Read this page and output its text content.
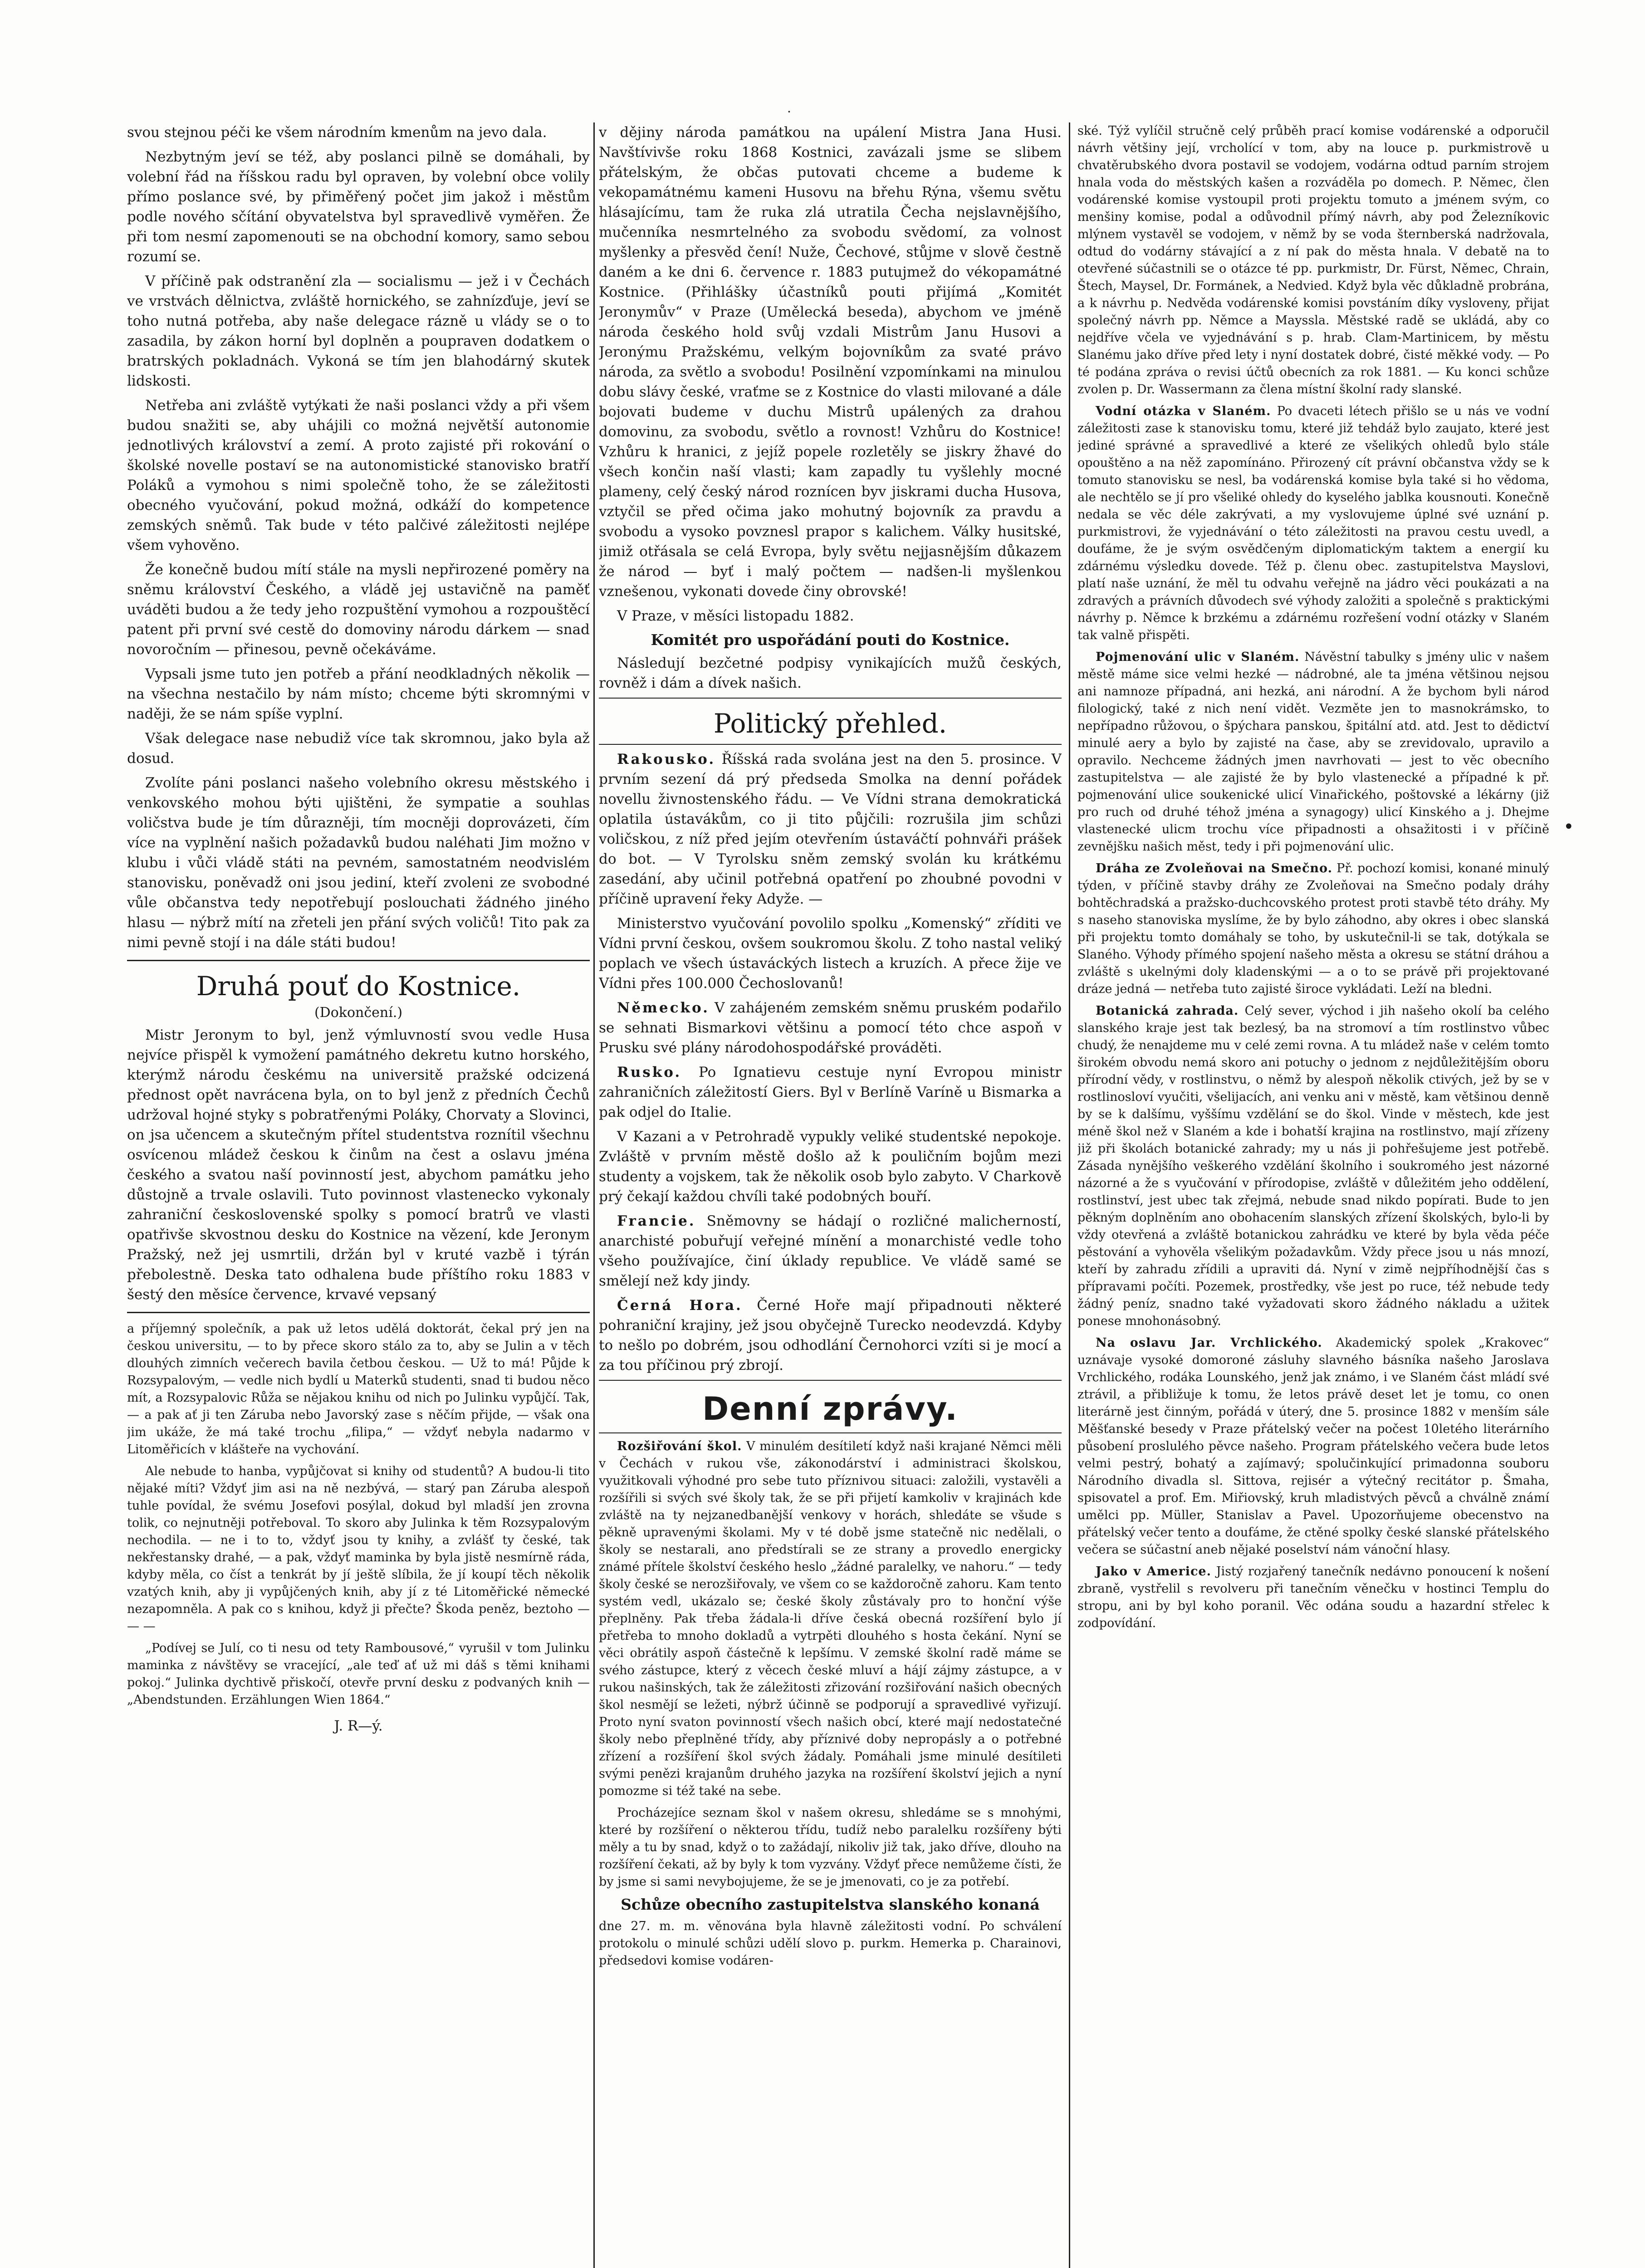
·
•

svou stejnou péči ke všem národním kmenům na jevo dala.

Nezbytným jeví se též, aby poslanci pilně se domáhali, by volební řád na říšskou radu byl opraven, by volební obce volily přímo poslance své, by přiměřený počet jim jakož i městům podle nového sčítání obyvatelstva byl spravedlivě vyměřen. Že při tom nesmí zapomenouti se na obchodní komory, samo sebou rozumí se.

V příčině pak odstranění zla — socialismu — jež i v Čechách ve vrstvách dělnictva, zvláště hornického, se zahnízďuje, jeví se toho nutná potřeba, aby naše delegace rázně u vlády se o to zasadila, by zákon horní byl doplněn a poupraven dodatkem o bratrských pokladnách. Vykoná se tím jen blahodárný skutek lidskosti.

Netřeba ani zvláště vytýkati že naši poslanci vždy a při všem budou snažiti se, aby uhájili co možná největší autonomie jednotlivých království a zemí. A proto zajisté při rokování o školské novelle postaví se na autonomistické stanovisko bratří Poláků a vymohou s nimi společně toho, že se záležitosti obecného vyučování, pokud možná, odkáží do kompetence zemských sněmů. Tak bude v této palčivé záležitosti nejlépe všem vyhověno.

Že konečně budou mítí stále na mysli nepřirozené poměry na sněmu království Českého, a vládě jej ustavičně na paměť uváděti budou a že tedy jeho rozpuštění vymohou a rozpouštěcí patent při první své cestě do domoviny národu dárkem — snad novoročním — přinesou, pevně očekáváme.

Vypsali jsme tuto jen potřeb a přání neodkladných několik — na všechna nestačilo by nám místo; chceme býti skromnými v naději, že se nám spíše vyplní.

Však delegace nase nebudiž více tak skromnou, jako byla až dosud.

Zvolíte páni poslanci našeho volebního okresu městského i venkovského mohou býti ujištěni, že sympatie a souhlas voličstva bude je tím důrazněji, tím mocněji doprovázeti, čím více na vyplnění našich požadavků budou naléhati Jim možno v klubu i vůči vládě státi na pevném, samostatném neodvislém stanovisku, poněvadž oni jsou jediní, kteří zvoleni ze svobodné vůle občanstva tedy nepotřebují poslouchati žádného jiného hlasu — nýbrž mítí na zřeteli jen přání svých voličů! Tito pak za nimi pevně stojí i na dále státi budou!

Druhá pouť do Kostnice.
(Dokončení.)

Mistr Jeronym to byl, jenž výmluvností svou vedle Husa nejvíce přispěl k vymožení památného dekretu kutno horského, kterýmž národu českému na universitě pražské odcizená přednost opět navrácena byla, on to byl jenž z předních Čechů udržoval hojné styky s pobratřenými Poláky, Chorvaty a Slovinci, on jsa učencem a skutečným přítel studentstva roznítil všechnu osvícenou mládež českou k činům na čest a oslavu jména českého a svatou naší povinností jest, abychom památku jeho důstojně a trvale oslavili. Tuto povinnost vlastenecko vykonaly zahraniční československé spolky s pomocí bratrů ve vlasti opatřivše skvostnou desku do Kostnice na vězení, kde Jeronym Pražský, než jej usmrtili, držán byl v kruté vazbě i týrán přebolestně. Deska tato odhalena bude příštího roku 1883 v šestý den měsíce července, krvavé vepsaný

a příjemný společník, a pak už letos udělá doktorát, čekal prý jen na českou universitu, — to by přece skoro stálo za to, aby se Julin a v těch dlouhých zimních večerech bavila četbou českou. — Už to má! Půjde k Rozsypalovým, — vedle nich bydlí u Materků studenti, snad ti budou něco mít, a Rozsypalovic Růža se nějakou knihu od nich po Julinku vypůjčí. Tak, — a pak ať ji ten Zárubа nebo Javorský zase s něčím přijde, — však ona jim ukáže, že má také trochu „filipa,“ — vždyť nebyla nadarmo v Litoměřicích v klášteře na vychování.

Ale nebude to hanba, vypůjčovat si knihy od studentů? A budou-li tito nějaké míti? Vždyť jim asi na ně nezbývá, — starý pan Záruba alespoň tuhle povídal, že svému Josefovi posýlal, dokud byl mladší jen zrovna tolik, co nejnutněji potřeboval. To skoro aby Julinka k těm Rozsypalovým nechodila. — ne i to to, vždyť jsou ty knihy, a zvlášť ty české, tak nekřestansky drahé, — a pak, vždyť maminka by byla jistě nesmírně ráda, kdyby měla, co číst a tenkrát by jí ještě slíbila, že jí koupí těch několik vzatých knih, aby ji vypůjčených knih, aby jí z té Litoměřické německé nezapomněla. A pak co s knihou, když ji přečte? Škoda peněz, beztoho — — —

„Podívej se Julí, co ti nesu od tety Rambousové,“ vyrušil v tom Julinku maminka z návštěvy se vracející, „ale teď ať už mi dáš s těmi knihami pokoj.“ Julinka dychtivě přiskočí, otevře první desku z podvaných knih — „Abendstunden. Erzählungen Wien 1864.“

J. R—ý.

v dějiny národa památkou na upálení Mistra Jana Husi. Navštívivše roku 1868 Kostnici, zavázali jsme se slibem přátelským, že občas putovati chceme a budeme k vekopamátnému kameni Husovu na břehu Rýna, všemu světu hlásajícímu, tam že ruka zlá utratila Čecha nejslavnějšího, mučenníka nesmrtelného za svobodu svědomí, za volnost myšlenky a přesvěd čení! Nuže, Čechové, stůjme v slově čestně daném a ke dni 6. července r. 1883 putujmež do vékopamátné Kostnice. (Přihlášky účastníků pouti přijímá „Komitét Jeronymův“ v Praze (Umělecká beseda), abychom ve jméně národa českého hold svůj vzdali Mistrům Janu Husovi a Jeronýmu Pražskému, velkým bojovníkům za svaté právo národa, za světlo a svobodu! Posilnění vzpomínkami na minulou dobu slávy české, vraťme se z Kostnice do vlasti milované a dále bojovati budeme v duchu Mistrů upálených za drahou domovinu, za svobodu, světlo a rovnost! Vzhůru do Kostnice! Vzhůru k hranici, z jejíž popele rozletěly se jiskry žhavé do všech končin naší vlasti; kam zapadly tu vyšlehly mocné plameny, celý český národ roznícen byv jiskrami ducha Husova, vztyčil se před očima jako mohutný bojovník za pravdu a svobodu a vysoko povznesl prapor s kalichem. Války husitské, jimiž otřásala se celá Evropa, byly světu nejjasnějším důkazem že národ — byť i malý počtem — nadšen-li myšlenkou vznešenou, vykonati dovede činy obrovské!

V Praze, v měsíci listopadu 1882.

Komitét pro uspořádání pouti do Kostnice.

Následují bezčetné podpisy vynikajících mužů českých, rovněž i dám a dívek našich.

Politický přehled.

Rakousko. Říšská rada svolána jest na den 5. prosince. V prvním sezení dá prý předseda Smolka na denní pořádek novellu živnostenského řádu. — Ve Vídni strana demokratická oplatila ústavákům, co ji tito půjčili: rozrušila jim schůzi voličskou, z níž před jejím otevřením ústaváčtí pohnváři prášek do bot. — V Tyrolsku sněm zemský svolán ku krátkému zasedání, aby učinil potřebná opatření po zhoubné povodni v příčině upravení řeky Adyže. —

Ministerstvo vyučování povolilo spolku „Komenský“ zříditi ve Vídni první českou, ovšem soukromou školu. Z toho nastal veliký poplach ve všech ústaváckých listech a kruzích. A přece žije ve Vídni přes 100.000 Čechoslovanů!

Německo. V zahájeném zemském sněmu pruském podařilo se sehnati Bismarkovi většinu a pomocí této chce aspoň v Prusku své plány národohospodářské prováděti.

Rusko. Po Ignatievu cestuje nyní Evropou ministr zahraničních záležitostí Giers. Byl v Berlíně Varíně u Bismarka a pak odjel do Italie.

V Kazani a v Petrohradě vypukly veliké studentské nepokoje. Zvláště v prvním městě došlo až k pouličním bojům mezi studenty a vojskem, tak že několik osob bylo zabyto. V Charkově prý čekají každou chvíli také podobných bouří.

Francie. Sněmovny se hádají o rozličné malicherností, anarchisté pobuřují veřejné mínění a monarchisté vedle toho všeho používajíce, činí úklady republice. Ve vládě samé se smělejí než kdy jindy.

Černá Hora. Černé Hoře mají připadnouti některé pohraniční krajiny, jež jsou obyčejně Turecko neodevzdá. Kdyby to nešlo po dobrém, jsou odhodlání Černohorci vzíti si je mocí a za tou příčinou prý zbrojí.

Denní zprávy.

Rozšiřování škol. V minulém desítiletí když naši krajané Němci měli v Čechách v rukou vše, zákonodárství i administraci školskou, využitkovali výhodné pro sebe tuto příznivou situaci: založili, vystavěli a rozšířili si svých své školy tak, že se při přijetí kamkoliv v krajinách kde zvláště na ty nejzanedbanější venkovy v horách, shledáte se všude s pěkně upravenými školami. My v té době jsme statečně nic nedělali, o školy se nestarali, ano předstírali se ze strany a provedlo energicky známé přítele školství českého heslo „žádné paralelky, ve nahoru.“ — tedy školy české se nerozšiřovaly, ve všem co se každoročně zahoru. Kam tento systém vedl, ukázalo se; české školy zůstávaly pro to honční výše přeplněny. Pak třeba žádala-li dříve česká obecná rozšíření bylo jí přetřeba to mnoho dokladů a vytrpěti dlouhého s hosta čekání. Nyní se věci obrátily aspoň částečně k lepšímu. V zemské školní radě máme se svého zástupce, který z věcech české mluví a hájí zájmy zástupce, a v rukou našinských, tak že záležitosti zřizování rozšiřování našich obecných škol nesmějí se ležeti, nýbrž účinně se podporují a spravedlivé vyřizují. Proto nyní svaton povinností všech našich obcí, které mají nedostatečné školy nebo přeplněné třídy, aby příznivé doby nepropásly a o potřebné zřízení a rozšíření škol svých žádaly. Pomáhali jsme minulé desítileti svými penězi krajanům druhého jazyka na rozšíření školství jejich a nyní pomozme si též také na sebe.

Procházejíce seznam škol v našem okresu, shledáme se s mnohými, které by rozšíření o některou třídu, tudíž nebo paralelku rozšířeny býti měly a tu by snad, když o to zažádají, nikoliv již tak, jako dříve, dlouho na rozšíření čekati, až by byly k tom vyzvány. Vždyť přece nemůžeme čísti, že by jsme si sami nevybojujeme, že se je jmenovati, co je za potřebí.

Schůze obecního zastupitelstva slanského konaná

dne 27. m. m. věnována byla hlavně záležitosti vodní. Po schválení protokolu o minulé schůzi udělí slovo p. purkm. Hemerka p. Charainovi, předsedovi komise vodáren-

ské. Týž vylíčil stručně celý průběh prací komise vodárenské a odporučil návrh většiny její, vrcholící v tom, aby na louce p. purkmistrově u chvatěrubského dvora postavil se vodojem, vodárna odtud parním strojem hnala voda do městských kašen a rozváděla po domech. P. Němec, člen vodárenské komise vystoupil proti projektu tomuto a jménem svým, co menšiny komise, podal a odůvodnil přímý návrh, aby pod Železníkovic mlýnem vystavěl se vodojem, v němž by se voda šternberská nadržovala, odtud do vodárny stávající a z ní pak do města hnala. V debatě na to otevřené súčastnili se o otázce té pp. purkmistr, Dr. Fürst, Němec, Chrain, Štech, Maysel, Dr. Formánek, a Nedvied. Když byla věc důkladně probrána, a k návrhu p. Nedvěda vodárenské komisi povstáním díky vysloveny, přijat společný návrh pp. Němce a Mayssla. Městské radě se ukládá, aby co nejdříve včela ve vyjednávání s p. hrab. Clam-Martinicem, by městu Slanému jako dříve před lety i nyní dostatek dobré, čisté měkké vody. — Po té podána zpráva o revisi účtů obecních za rok 1881. — Ku konci schůze zvolen p. Dr. Wassermann za člena místní školní rady slanské.

Vodní otázka v Slaném. Po dvaceti létech přišlo se u nás ve vodní záležitosti zase k stanovisku tomu, které již tehdáž bylo zaujato, které jest jediné správné a spravedlivé a které ze všelikých ohledů bylo stále opouštěno a na něž zapomínáno. Přirozený cít právní občanstva vždy se k tomuto stanovisku se nesl, ba vodárenská komise byla také si ho vědoma, ale nechtělo se jí pro všeliké ohledy do kyselého jablka kousnouti. Konečně nedala se věc déle zakrývati, a my vyslovujeme úplné své uznání p. purkmistrovi, že vyjednávání o této záležitosti na pravou cestu uvedl, a doufáme, že je svým osvědčeným diplomatickým taktem a energií ku zdárnému výsledku dovede. Též p. členu obec. zastupitelstva Mayslovi, platí naše uznání, že měl tu odvahu veřejně na jádro věci poukázati a na zdravých a právních důvodech své výhody založiti a společně s praktickými návrhy p. Němce k brzkému a zdárnému rozřešení vodní otázky v Slaném tak valně přispěti.

Pojmenování ulic v Slaném. Návěstní tabulky s jmény ulic v našem městě máme sice velmi hezké — nádrobné, ale ta jména většinou nejsou ani namnoze případná, ani hezká, ani národní. A že bychom byli národ filologický, také z nich není vidět. Vezměte jen to masnokrámsko, to nepřípadno růžovou, o špýchara panskou, špitální atd. atd. Jest to dědictví minulé aery a bylo by zajisté na čase, aby se zrevidovalo, upravilo a opravilo. Nechceme žádných jmen navrhovati — jest to věc obecního zastupitelstva — ale zajisté že by bylo vlastenecké a případné k př. pojmenování ulice soukenické ulicí Vinařického, poštovské a lékárny (již pro ruch od druhé téhož jména a synagogy) ulicí Kinského a j. Dhejme vlastenecké ulicm trochu více připadnosti a ohsažitosti i v příčině zevnějšku našich měst, tedy i při pojmenování ulic.

Dráha ze Zvoleňovai na Smečno. Př. pochozí komisi, konané minulý týden, v příčině stavby dráhy ze Zvoleňovai na Smečno podaly dráhy bohtěchradská a pražsko-duchcovského protest proti stavbě této dráhy. My s naseho stanoviska myslíme, že by bylo záhodno, aby okres i obec slanská při projektu tomto domáhaly se toho, by uskutečnil-li se tak, dotýkala se Slaného. Výhody přímého spojení našeho města a okresu se státní dráhou a zvláště s ukelnými doly kladenskými — a o to se právě při projektované dráze jedná — netřeba tuto zajisté široce vykládati. Leží na bledni.

Botanická zahrada. Celý sever, východ i jih našeho okolí ba celého slanského kraje jest tak bezlesý, ba na stromoví a tím rostlinstvo vůbec chudý, že nenajdeme mu v celé zemi rovna. A tu mládež naše v celém tomto širokém obvodu nemá skoro ani potuchy o jednom z nejdůležitějším oboru přírodní vědy, v rostlinstvu, o němž by alespoň několik ctivých, jež by se v rostlinosloví vyučiti, všelijacích, ani venku ani v městě, kam většinou denně by se k dalšímu, vyššímu vzdělání se do škol. Vinde v městech, kde jest méně škol než v Slaném a kde i bohatší krajina na rostlinstvo, mají zřízeny již při školách botanické zahrady; my u nás ji pohřešujeme jest potřebě. Zásada nynějšího veškerého vzdělání školního i soukromého jest názorné názorné a že s vyučování v přírodopise, zvláště v důležitém jeho oddělení, rostlinství, jest ubec tak zřejmá, nebude snad nikdo popírati. Bude to jen pěkným doplněním ano obohacením slanských zřízení školských, bylo-li by vždy otevřená a zvláště botanickou zahrádku ve které by byla věda péče pěstování a vyhověla všelikým požadavkům. Vždy přece jsou u nás mnozí, kteří by zahradu zřídili a upraviti dá. Nyní v zimě nejpříhodnější čas s přípravami počíti. Pozemek, prostředky, vše jest po ruce, též nebude tedy žádný peníz, snadno také vyžadovati skoro žádného nákladu a užitek ponese mnohonásobný.

Na oslavu Jar. Vrchlického. Akademický spolek „Krakovec“ uznávaje vysoké domoroné zásluhy slavného básníka našeho Jaroslava Vrchlického, rodáka Lounského, jenž jak známo, i ve Slaném část mládí své ztrávil, a přibližuje k tomu, že letos právě deset let je tomu, co onen literárně jest činným, pořádá v úterý, dne 5. prosince 1882 v menším sále Měšťanské besedy v Praze přátelský večer na počest 10letého literárního působení proslulého pěvce našeho. Program přátelského večera bude letos velmi pestrý, bohatý a zajímavý; spolučinkující primadonna souboru Národního divadla sl. Sittova, rejisér a výtečný recitátor p. Šmaha, spisovatel a prof. Em. Miřiovský, kruh mladistvých pěvců a chválně známí umělci pp. Müller, Stanislav a Pavel. Upozorňujeme obecenstvo na přátelský večer tento a doufáme, že ctěné spolky české slanské přátelského večera se súčastní aneb nějaké poselství nám vánoční hlasy.

Jako v Americe. Jistý rozjařený tanečník nedávno ponoucení k nošení zbraně, vystřelil s revolveru při tanečním věnečku v hostinci Templu do stropu, ani by byl koho poranil. Věc odána soudu a hazardní střelec k zodpovídání.
